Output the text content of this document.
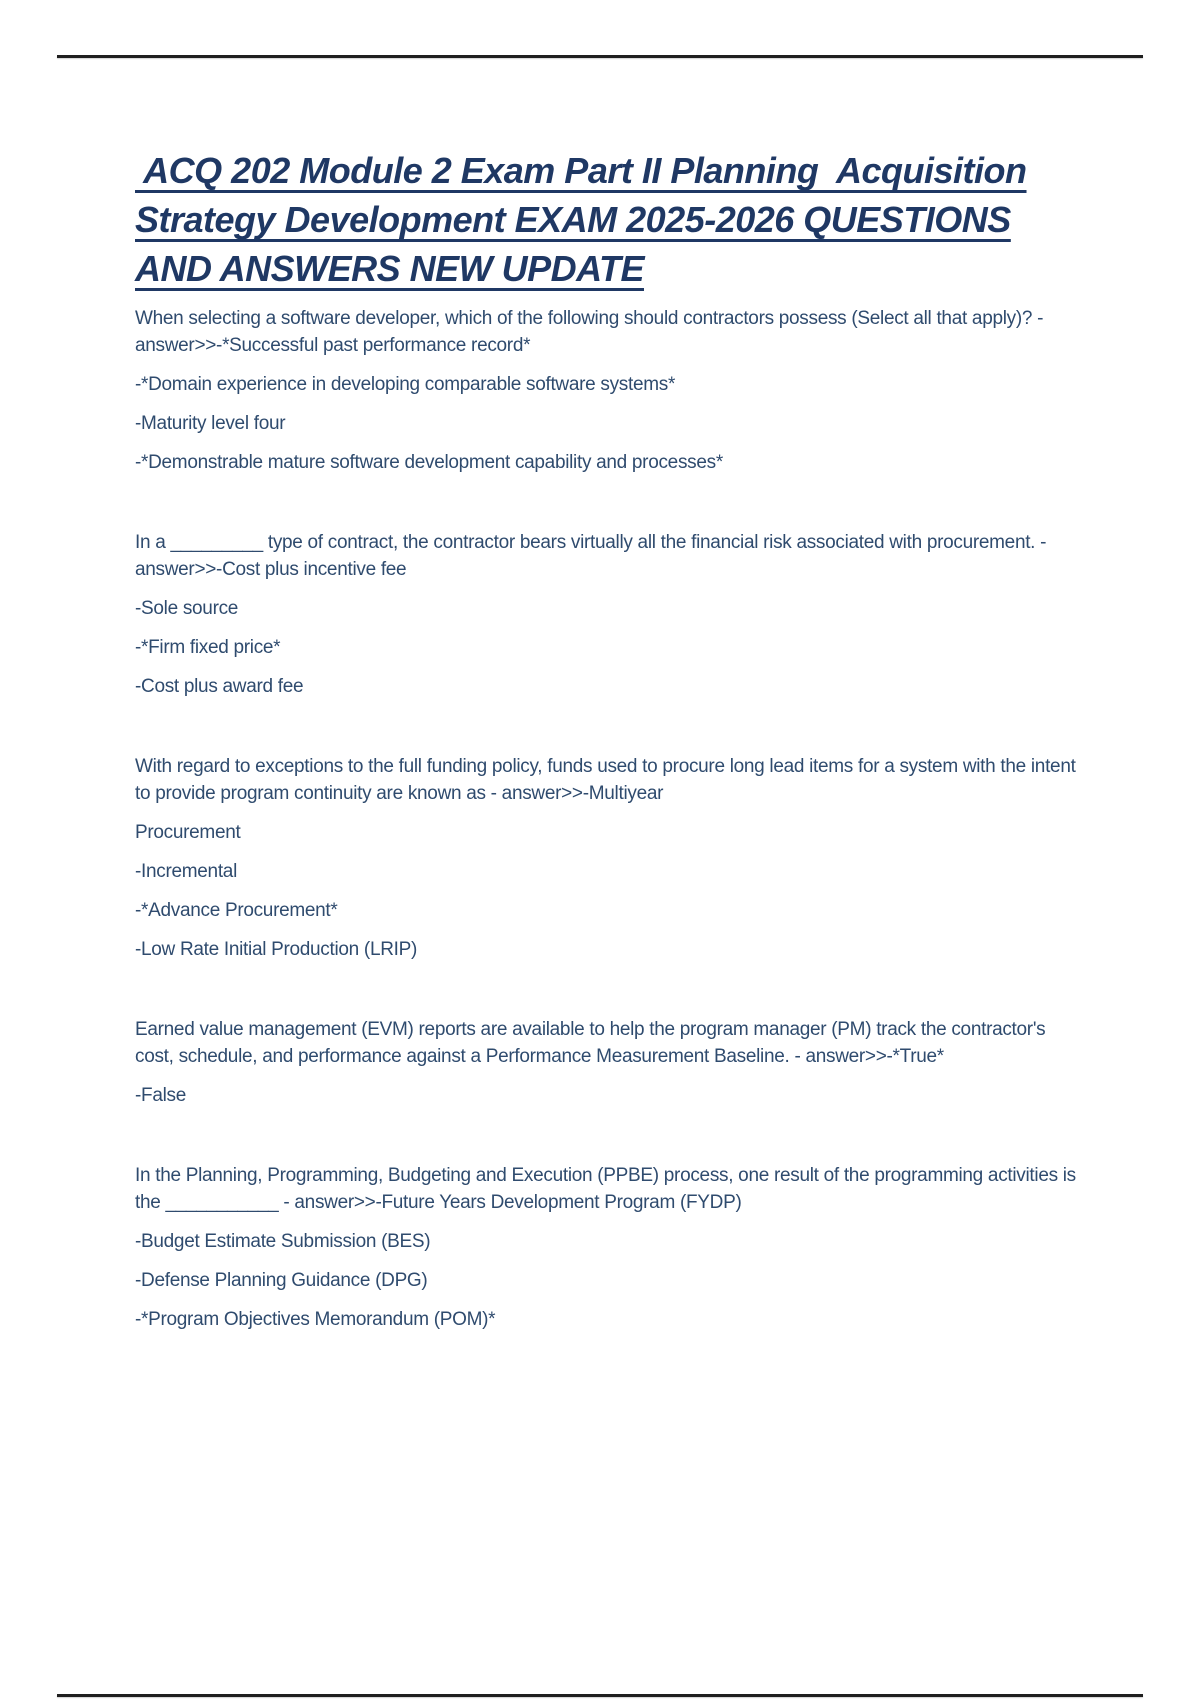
ACQ 202 Module 2 Exam Part II Planning  Acquisition
Strategy Development EXAM 2025-2026 QUESTIONS
AND ANSWERS NEW UPDATE

When selecting a software developer, which of the following should contractors possess (Select all that apply)? - answer>>-*Successful past performance record*

-*Domain experience in developing comparable software systems*

-Maturity level four

-*Demonstrable mature software development capability and processes*

In a _________ type of contract, the contractor bears virtually all the financial risk associated with procurement. - answer>>-Cost plus incentive fee

-Sole source

-*Firm fixed price*

-Cost plus award fee

With regard to exceptions to the full funding policy, funds used to procure long lead items for a system with the intent to provide program continuity are known as - answer>>-Multiyear

Procurement

-Incremental

-*Advance Procurement*

-Low Rate Initial Production (LRIP)

Earned value management (EVM) reports are available to help the program manager (PM) track the contractor's cost, schedule, and performance against a Performance Measurement Baseline. - answer>>-*True*

-False

In the Planning, Programming, Budgeting and Execution (PPBE) process, one result of the programming activities is the ___________ - answer>>-Future Years Development Program (FYDP)

-Budget Estimate Submission (BES)

-Defense Planning Guidance (DPG)

-*Program Objectives Memorandum (POM)*
